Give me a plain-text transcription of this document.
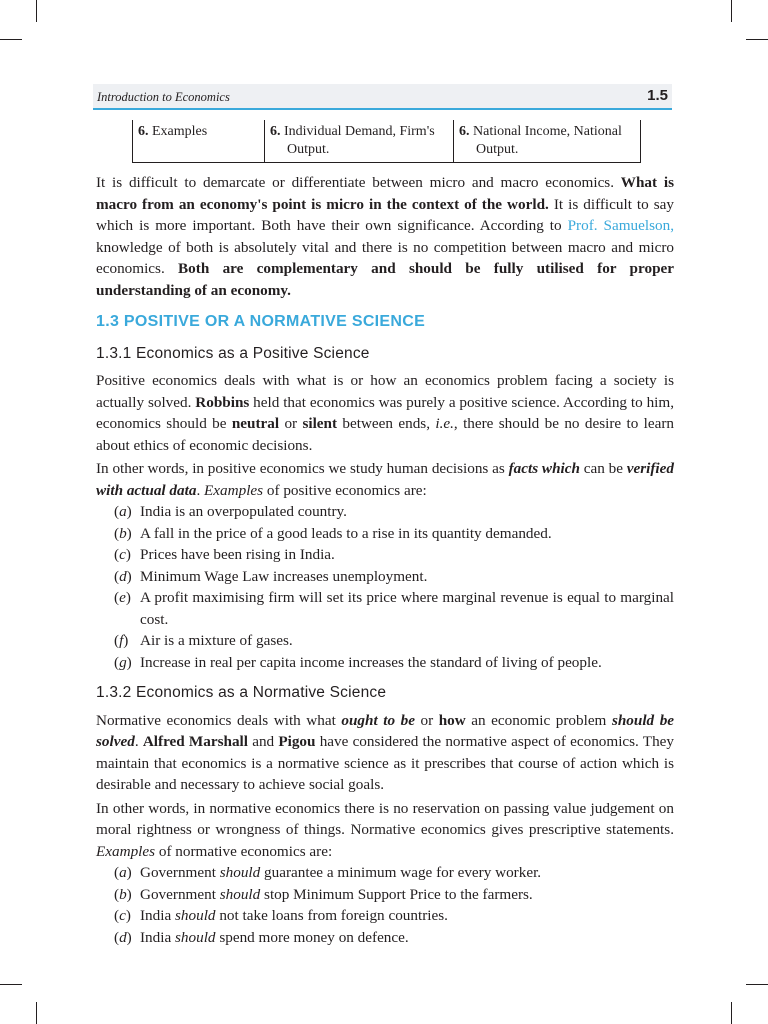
Introduction to Economics	1.5
6. Examples	6. Individual Demand, Firm's
Output.
6. National Income, National
Output.

It is difficult to demarcate or differentiate between micro and macro economics. What is macro from an economy's point is micro in the context of the world. It is difficult to say which is more important. Both have their own significance. According to Prof. Samuelson, knowledge of both is absolutely vital and there is no competition between macro and micro economics. Both are complementary and should be fully utilised for proper understanding of an economy.

1.3 POSITIVE OR A NORMATIVE SCIENCE
1.3.1 Economics as a Positive Science

Positive economics deals with what is or how an economics problem facing a society is actually solved. Robbins held that economics was purely a positive science. According to him, economics should be neutral or silent between ends, i.e., there should be no desire to learn about ethics of economic decisions.

In other words, in positive economics we study human decisions as facts which can be verified with actual data. Examples of positive economics are:

(a) India is an overpopulated country.
(b) A fall in the price of a good leads to a rise in its quantity demanded.
(c) Prices have been rising in India.
(d) Minimum Wage Law increases unemployment.
(e) A profit maximising firm will set its price where marginal revenue is equal to marginal cost.
(f) Air is a mixture of gases.
(g) Increase in real per capita income increases the standard of living of people.
1.3.2 Economics as a Normative Science

Normative economics deals with what ought to be or how an economic problem should be solved. Alfred Marshall and Pigou have considered the normative aspect of economics. They maintain that economics is a normative science as it prescribes that course of action which is desirable and necessary to achieve social goals.

In other words, in normative economics there is no reservation on passing value judgement on moral rightness or wrongness of things. Normative economics gives prescriptive statements. Examples of normative economics are:

(a) Government should guarantee a minimum wage for every worker.
(b) Government should stop Minimum Support Price to the farmers.
(c) India should not take loans from foreign countries.
(d) India should spend more money on defence.
